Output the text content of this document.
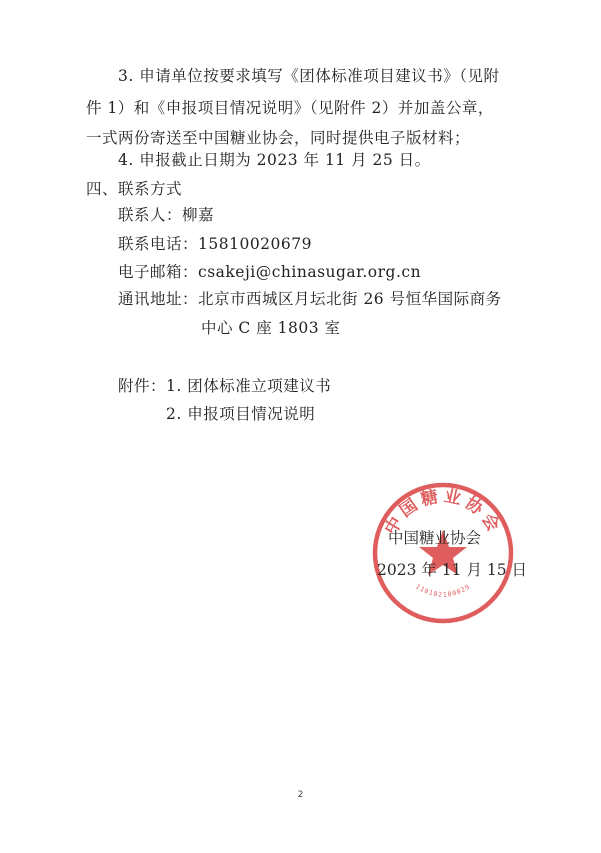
3. 申请单位按要求填写《团体标准项目建议书》（见附
件 1）和《申报项目情况说明》（见附件 2）并加盖公章，
一式两份寄送至中国糖业协会，同时提供电子版材料；
4. 申报截止日期为 2023 年 11 月 25 日。
四、联系方式
联系人：柳嘉
联系电话：15810020679
电子邮箱：csakeji@chinasugar.org.cn
通讯地址：北京市西城区月坛北街 26 号恒华国际商务
中心 C 座 1803 室
附件：1. 团体标准立项建议书
2. 申报项目情况说明
中国糖业协会
110102100029
中国糖业协会
2023 年 11 月 15 日
2
